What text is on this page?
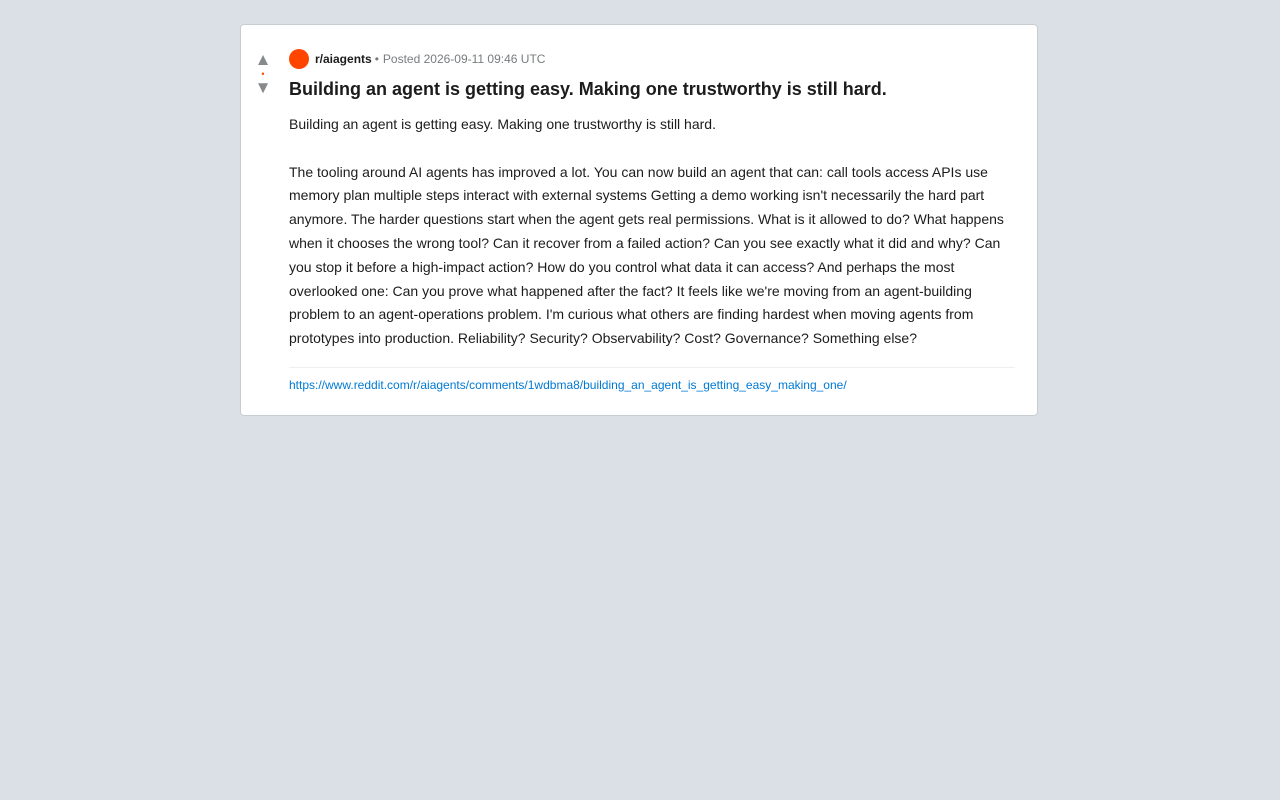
▲
•
▼
r/aiagents • Posted 2026-09-11 09:46 UTC
Building an agent is getting easy. Making one trustworthy is still hard.

Building an agent is getting easy. Making one trustworthy is still hard.

The tooling around AI agents has improved a lot. You can now build an agent that can: call tools access APIs use memory plan multiple steps interact with external systems Getting a demo working isn't necessarily the hard part anymore. The harder questions start when the agent gets real permissions. What is it allowed to do? What happens when it chooses the wrong tool? Can it recover from a failed action? Can you see exactly what it did and why? Can you stop it before a high-impact action? How do you control what data it can access? And perhaps the most overlooked one: Can you prove what happened after the fact? It feels like we're moving from an agent-building problem to an agent-operations problem. I'm curious what others are finding hardest when moving agents from prototypes into production. Reliability? Security? Observability? Cost? Governance? Something else?

https://www.reddit.com/r/aiagents/comments/1wdbma8/building_an_agent_is_getting_easy_making_one/
